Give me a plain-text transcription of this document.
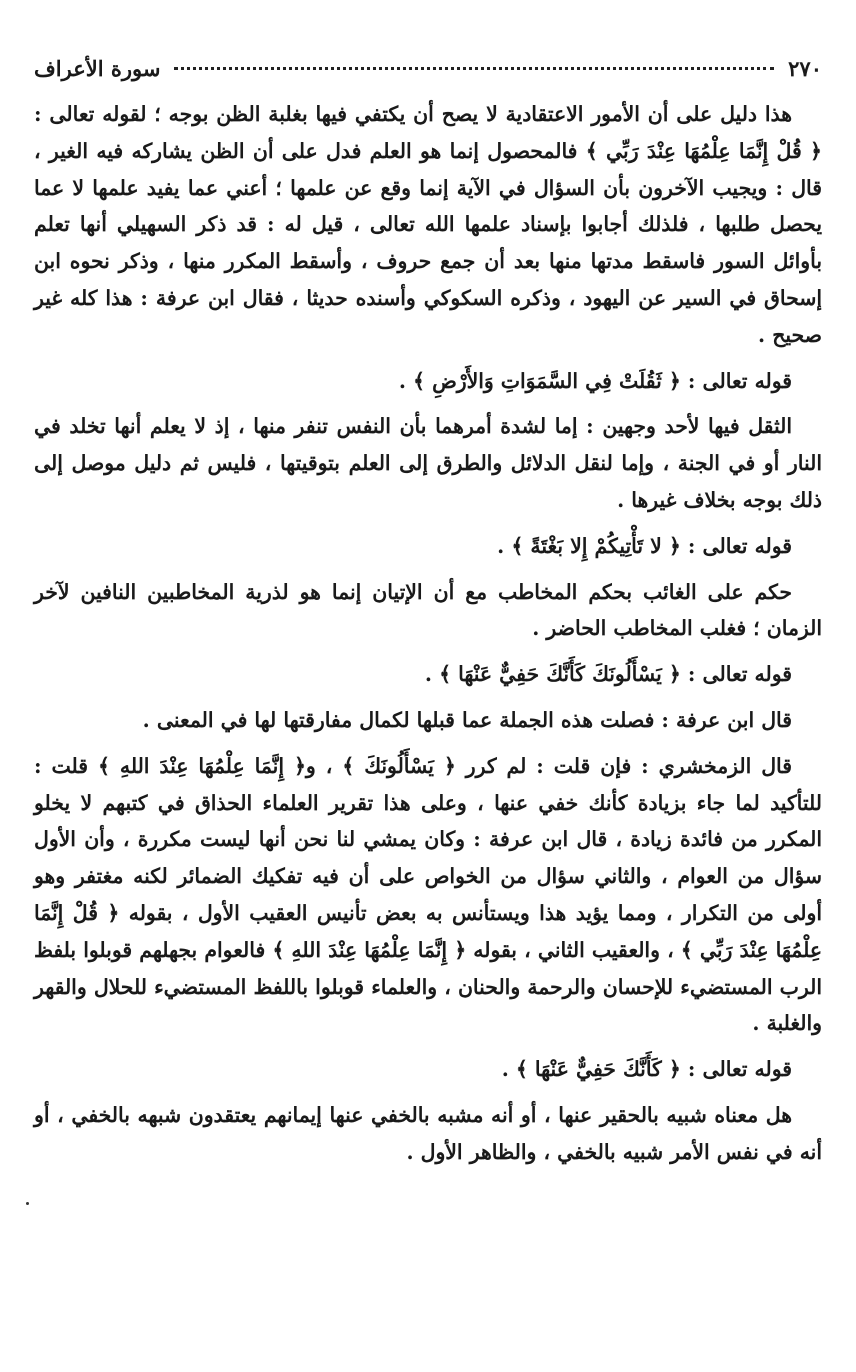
٢٧٠
سورة الأعراف

هذا دليل على أن الأمور الاعتقادية لا يصح أن يكتفي فيها بغلبة الظن بوجه ؛ لقوله تعالى : ﴿ قُلْ إِنَّمَا عِلْمُهَا عِنْدَ رَبِّي ﴾ فالمحصول إنما هو العلم فدل على أن الظن يشاركه فيه الغير ، قال : ويجيب الآخرون بأن السؤال في الآية إنما وقع عن علمها ؛ أعني عما يفيد علمها لا عما يحصل طلبها ، فلذلك أجابوا بإسناد علمها الله تعالى ، قيل له : قد ذكر السهيلي أنها تعلم بأوائل السور فاسقط مدتها منها بعد أن جمع حروف ، وأسقط المكرر منها ، وذكر نحوه ابن إسحاق في السير عن اليهود ، وذكره السكوكي وأسنده حديثا ، فقال ابن عرفة : هذا كله غير صحيح .

قوله تعالى : ﴿ ثَقُلَتْ فِي السَّمَوَاتِ وَالأَرْضِ ﴾ .

الثقل فيها لأحد وجهين : إما لشدة أمرهما بأن النفس تنفر منها ، إذ لا يعلم أنها تخلد في النار أو في الجنة ، وإما لنقل الدلائل والطرق إلى العلم بتوقيتها ، فليس ثم دليل موصل إلى ذلك بوجه بخلاف غيرها .

قوله تعالى : ﴿ لا تَأْتِيكُمْ إِلا بَغْتَةً ﴾ .

حكم على الغائب بحكم المخاطب مع أن الإتيان إنما هو لذرية المخاطبين النافين لآخر الزمان ؛ فغلب المخاطب الحاضر .

قوله تعالى : ﴿ يَسْأَلُونَكَ كَأَنَّكَ حَفِيٌّ عَنْهَا ﴾ .

قال ابن عرفة : فصلت هذه الجملة عما قبلها لكمال مفارقتها لها في المعنى .

قال الزمخشري : فإن قلت : لم كرر ﴿ يَسْأَلُونَكَ ﴾ ، و﴿ إِنَّمَا عِلْمُهَا عِنْدَ اللهِ ﴾ قلت : للتأكيد لما جاء بزيادة كأنك خفي عنها ، وعلى هذا تقرير العلماء الحذاق في كتبهم لا يخلو المكرر من فائدة زيادة ، قال ابن عرفة : وكان يمشي لنا نحن أنها ليست مكررة ، وأن الأول سؤال من العوام ، والثاني سؤال من الخواص على أن فيه تفكيك الضمائر لكنه مغتفر وهو أولى من التكرار ، ومما يؤيد هذا ويستأنس به بعض تأنيس العقيب الأول ، بقوله ﴿ قُلْ إِنَّمَا عِلْمُهَا عِنْدَ رَبِّي ﴾ ، والعقيب الثاني ، بقوله ﴿ إِنَّمَا عِلْمُهَا عِنْدَ اللهِ ﴾ فالعوام بجهلهم قوبلوا بلفظ الرب المستضيء للإحسان والرحمة والحنان ، والعلماء قوبلوا باللفظ المستضيء للحلال والقهر والغلبة .

قوله تعالى : ﴿ كَأَنَّكَ حَفِيٌّ عَنْهَا ﴾ .

هل معناه شبيه بالحقير عنها ، أو أنه مشبه بالخفي عنها إيمانهم يعتقدون شبهه بالخفي ، أو أنه في نفس الأمر شبيه بالخفي ، والظاهر الأول .
